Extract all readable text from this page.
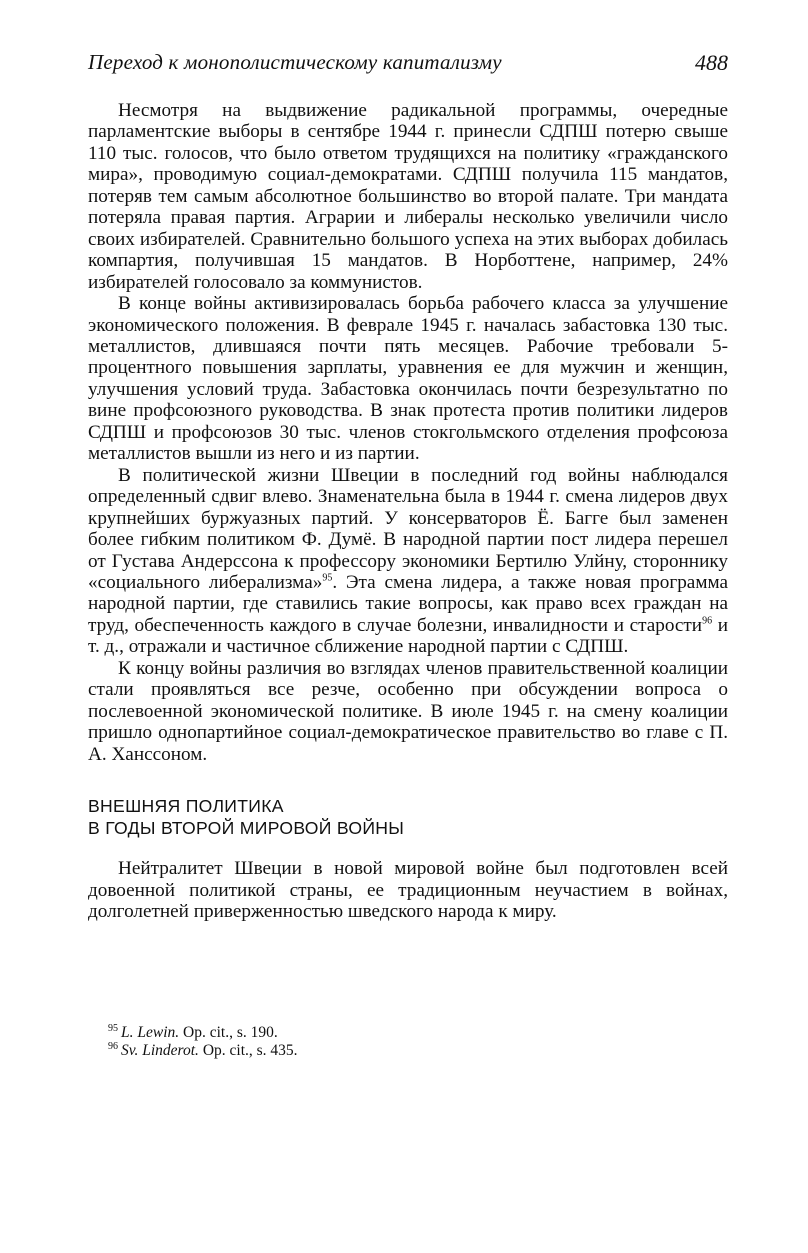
Переход к монополистическому капитализму	488

Несмотря на выдвижение радикальной программы, очередные парламентские выборы в сентябре 1944 г. принесли СДПШ потерю свыше 110 тыс. голосов, что было ответом трудящихся на политику «гражданского мира», проводимую социал-демократами. СДПШ получила 115 мандатов, потеряв тем самым абсолютное большинство во второй палате. Три мандата потеряла правая партия. Аграрии и либералы несколько увеличили число своих избирателей. Сравнительно большого успеха на этих выборах добилась компартия, получившая 15 мандатов. В Норботтене, например, 24% избирателей голосовало за коммунистов.

В конце войны активизировалась борьба рабочего класса за улучшение экономического положения. В феврале 1945 г. началась забастовка 130 тыс. металлистов, длившаяся почти пять месяцев. Рабочие требовали 5-процентного повышения зарплаты, уравнения ее для мужчин и женщин, улучшения условий труда. Забастовка окончилась почти безрезультатно по вине профсоюзного руководства. В знак протеста против политики лидеров СДПШ и профсоюзов 30 тыс. членов стокгольмского отделения профсоюза металлистов вышли из него и из партии.

В политической жизни Швеции в последний год войны наблюдался определенный сдвиг влево. Знаменательна была в 1944 г. смена лидеров двух крупнейших буржуазных партий. У консерваторов Ё. Багге был заменен более гибким политиком Ф. Думё. В народной партии пост лидера перешел от Густава Андерссона к профессору экономики Бертилю Улйну, стороннику «социального либерализма»$^{95}$. Эта смена лидера, а также новая программа народной партии, где ставились такие вопросы, как право всех граждан на труд, обеспеченность каждого в случае болезни, инвалидности и старости$^{96}$ и т. д., отражали и частичное сближение народной партии с СДПШ.

К концу войны различия во взглядах членов правительственной коалиции стали проявляться все резче, особенно при обсуждении вопроса о послевоенной экономической политике. В июле 1945 г. на смену коалиции пришло однопартийное социал-демократическое правительство во главе с П. А. Ханссоном.

ВНЕШНЯЯ ПОЛИТИКА
В ГОДЫ ВТОРОЙ МИРОВОЙ ВОЙНЫ

Нейтралитет Швеции в новой мировой войне был подготовлен всей довоенной политикой страны, ее традиционным неучастием в войнах, долголетней приверженностью шведского народа к миру.

$^{95}$ L. Lewin. Op. cit., s. 190.
$^{96}$ Sv. Linderot. Op. cit., s. 435.
